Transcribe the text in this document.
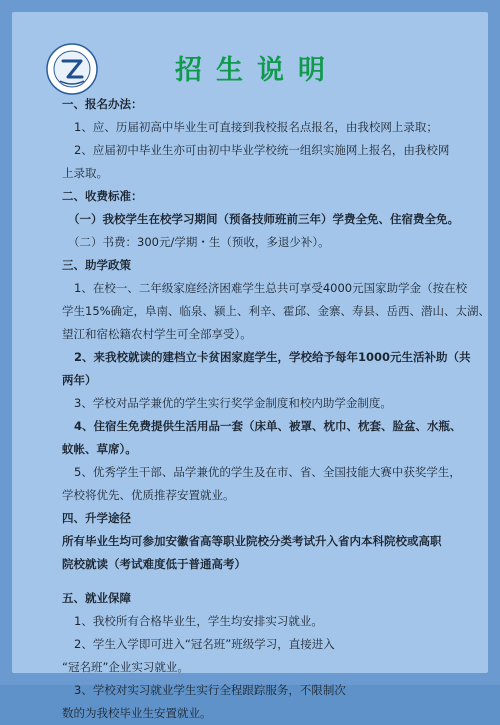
招生说明
一、报名办法：
1、应、历届初高中毕业生可直接到我校报名点报名，由我校网上录取；
2、应届初中毕业生亦可由初中毕业学校统一组织实施网上报名，由我校网
上录取。
二、收费标准：
（一）我校学生在校学习期间（预备技师班前三年）学费全免、住宿费全免。
（二）书费：300元/学期・生（预收，多退少补）。
三、助学政策
1、在校一、二年级家庭经济困难学生总共可享受4000元国家助学金（按在校
学生15%确定，阜南、临泉、颍上、利辛、霍邱、金寨、寿县、岳西、潜山、太湖、
望江和宿松籍农村学生可全部享受）。
2、来我校就读的建档立卡贫困家庭学生，学校给予每年1000元生活补助（共
两年）
3、学校对品学兼优的学生实行奖学金制度和校内助学金制度。
4、住宿生免费提供生活用品一套（床单、被罩、枕巾、枕套、脸盆、水瓶、
蚊帐、草席）。
5、优秀学生干部、品学兼优的学生及在市、省、全国技能大赛中获奖学生，
学校将优先、优质推荐安置就业。
四、升学途径
所有毕业生均可参加安徽省高等职业院校分类考试升入省内本科院校或高职
院校就读（考试难度低于普通高考）
五、就业保障
1、我校所有合格毕业生，学生均安排实习就业。
2、学生入学即可进入“冠名班”班级学习，直接进入
“冠名班”企业实习就业。
3、学校对实习就业学生实行全程跟踪服务，不限制次
数的为我校毕业生安置就业。
